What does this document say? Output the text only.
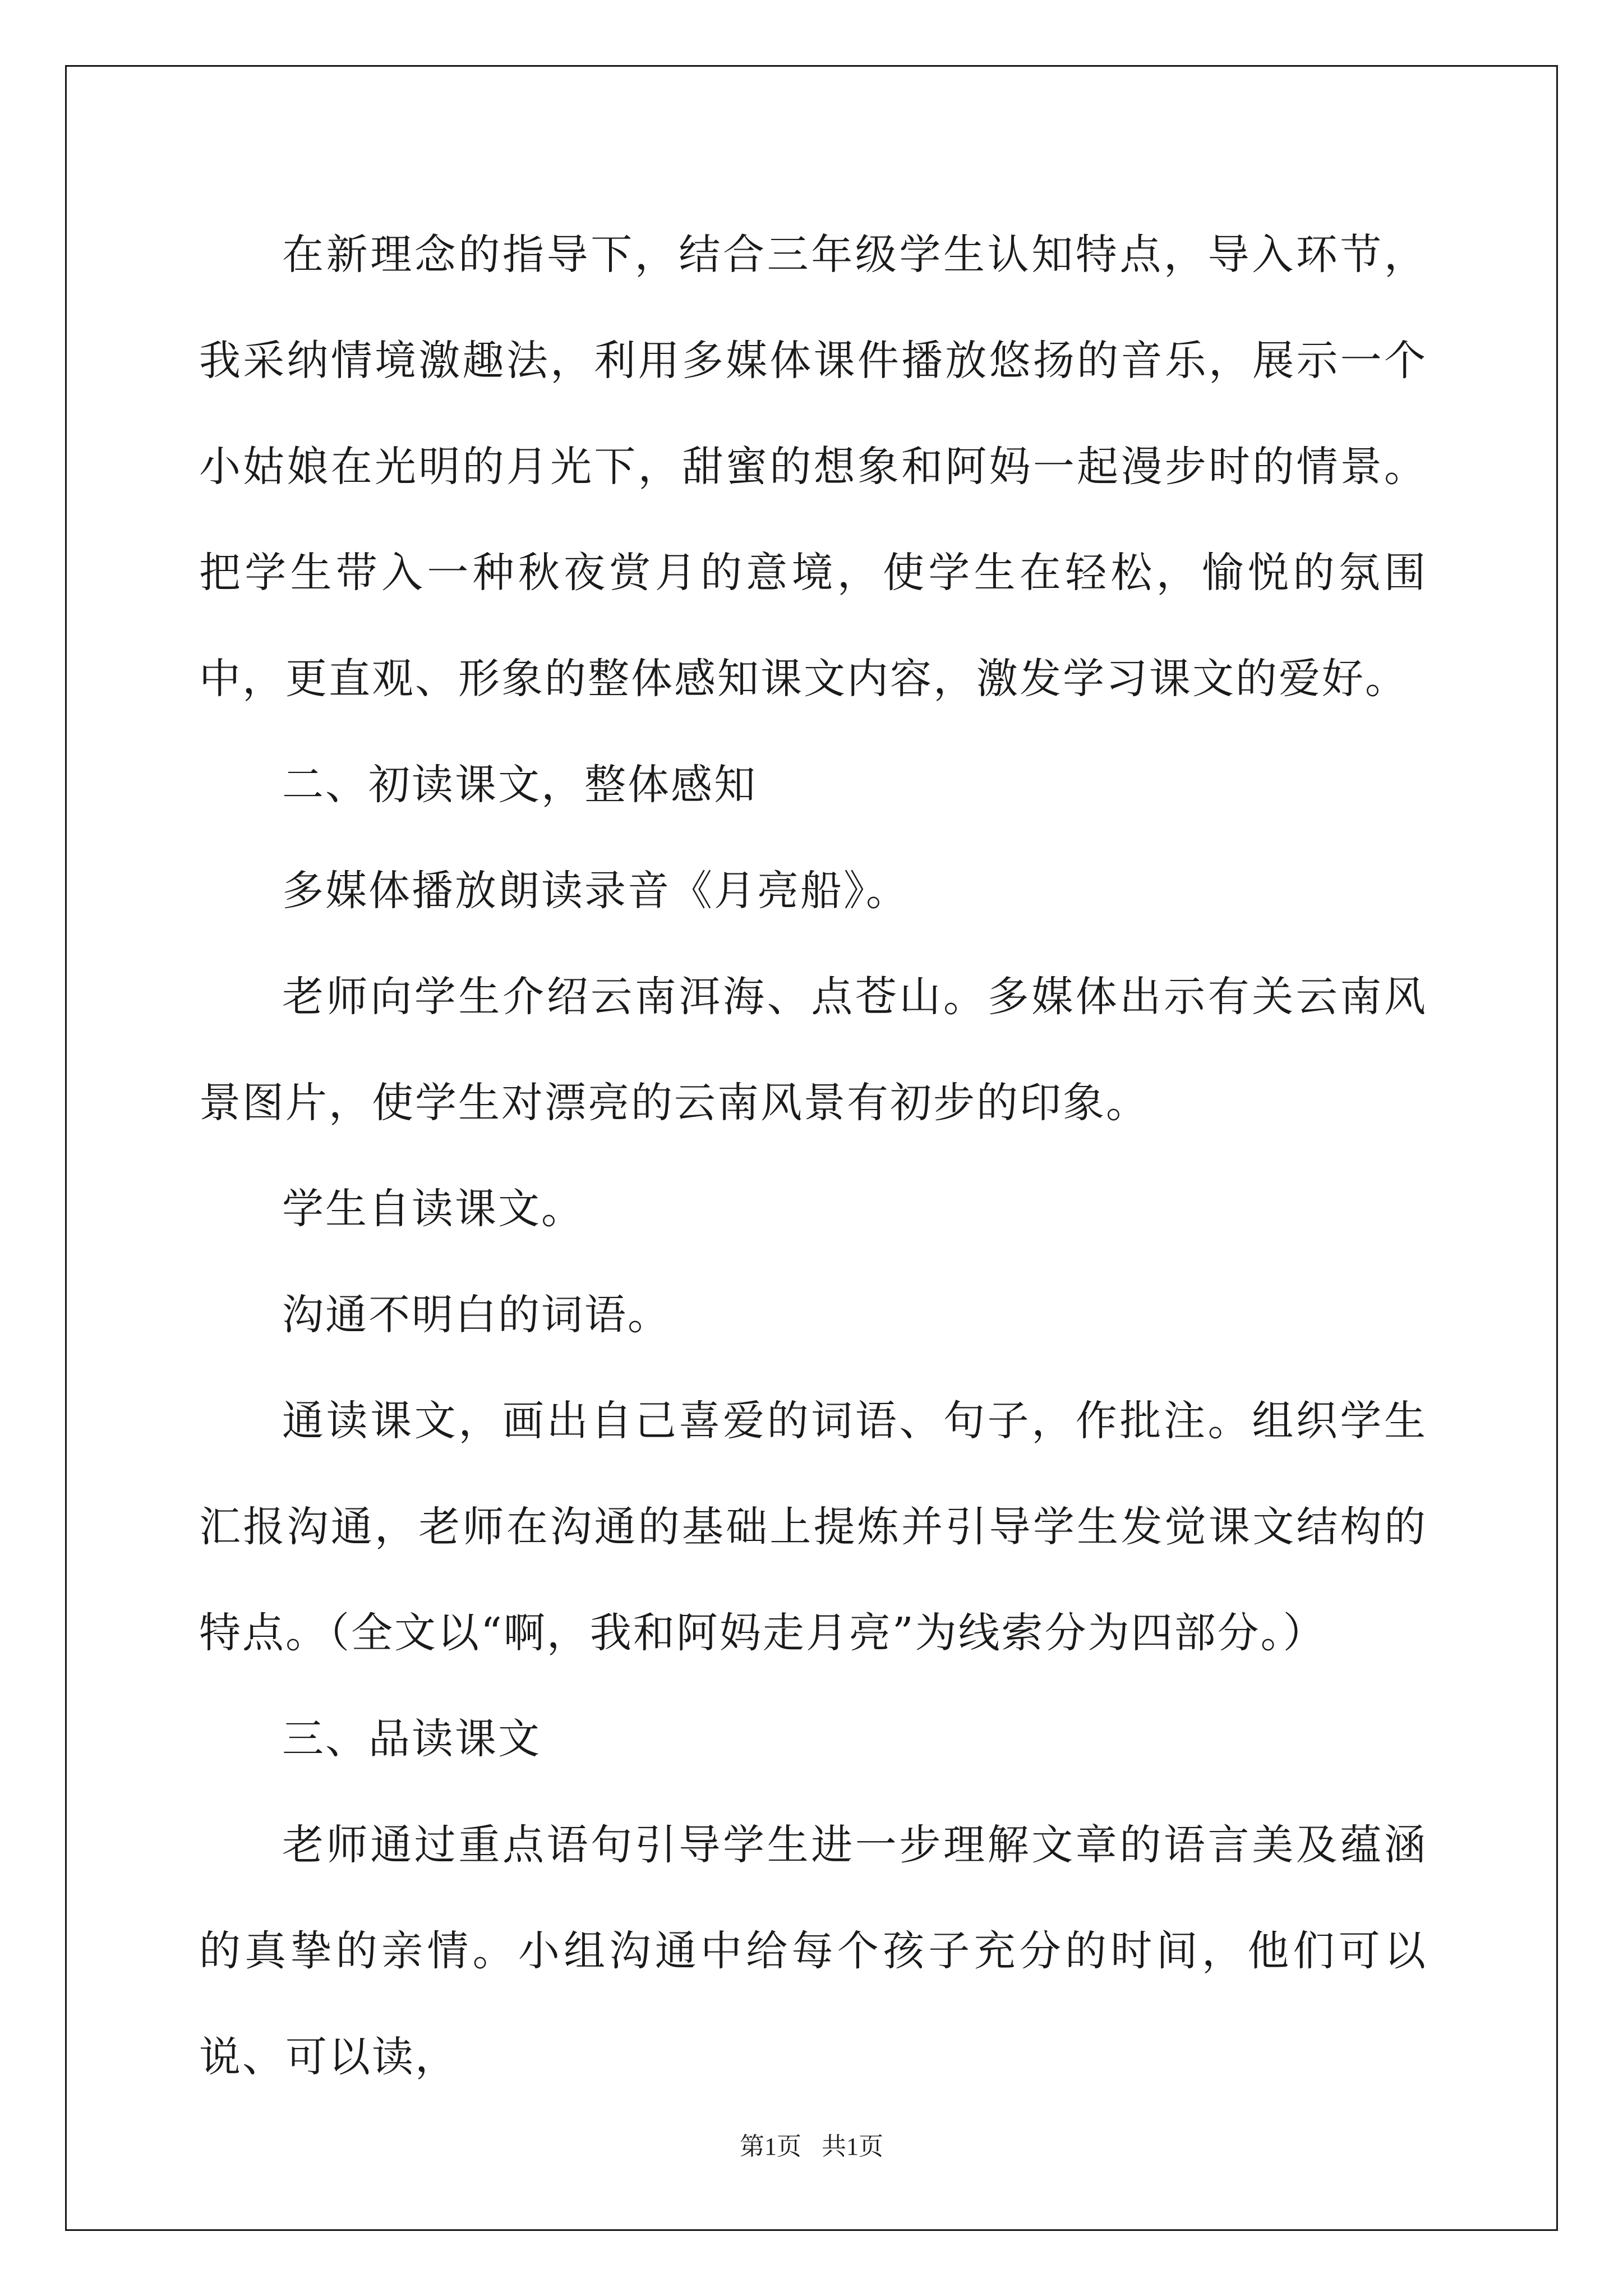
在新理念的指导下，结合三年级学生认知特点，导入环节，我采纳情境激趣法，利用多媒体课件播放悠扬的音乐，展示一个小姑娘在光明的月光下，甜蜜的想象和阿妈一起漫步时的情景。把学生带入一种秋夜赏月的意境，使学生在轻松，愉悦的氛围中，更直观、形象的整体感知课文内容，激发学习课文的爱好。

二、初读课文，整体感知

多媒体播放朗读录音《月亮船》。

老师向学生介绍云南洱海、点苍山。多媒体出示有关云南风景图片，使学生对漂亮的云南风景有初步的印象。

学生自读课文。

沟通不明白的词语。

通读课文，画出自己喜爱的词语、句子，作批注。组织学生汇报沟通，老师在沟通的基础上提炼并引导学生发觉课文结构的特点。（全文以“啊，我和阿妈走月亮”为线索分为四部分。）

三、品读课文

老师通过重点语句引导学生进一步理解文章的语言美及蕴涵的真挚的亲情。小组沟通中给每个孩子充分的时间，他们可以说、可以读，

第1页 共1页
